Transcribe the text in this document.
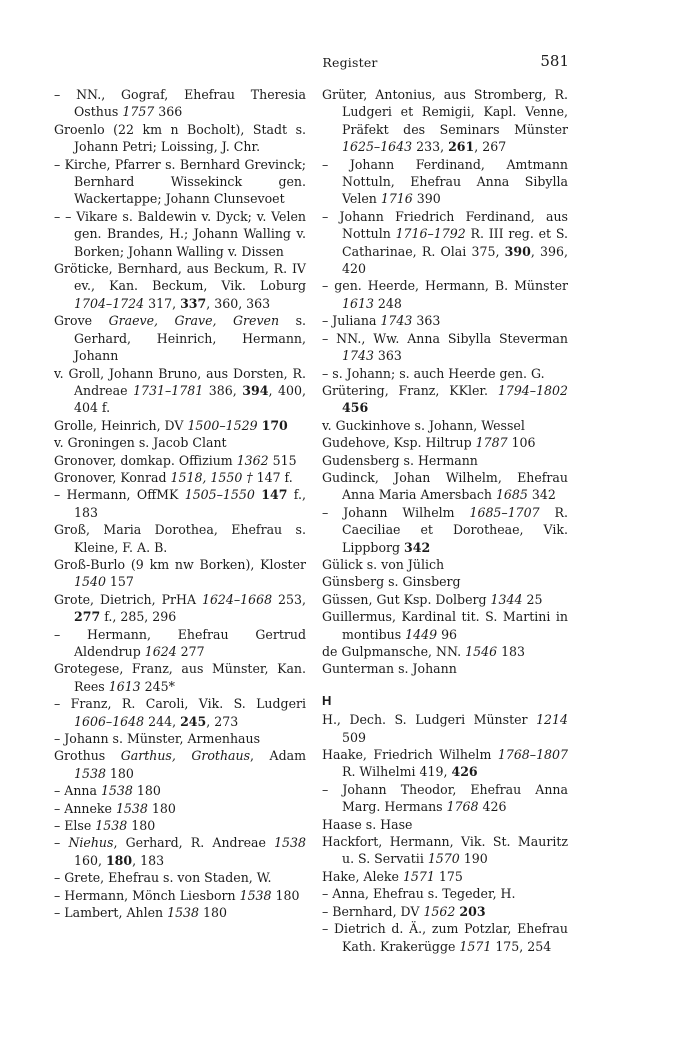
Register	581
– NN., Gograf, Ehefrau Theresia Osthus 1757 366
Groenlo (22 km n Bocholt), Stadt s. Johann Petri; Loissing, J. Chr.
– Kirche, Pfarrer s. Bernhard Grevinck; Bernhard Wissekinck gen. Wackertappe; Johann Clunsevoet
– – Vikare s. Baldewin v. Dyck; v. Velen gen. Brandes, H.; Johann Walling v. Borken; Johann Walling v. Dissen
Gröticke, Bernhard, aus Beckum, R. IV ev., Kan. Beckum, Vik. Loburg 1704–1724 317, 337, 360, 363
Grove Graeve, Grave, Greven s. Gerhard, Heinrich, Hermann, Johann
v. Groll, Johann Bruno, aus Dorsten, R. Andreae 1731–1781 386, 394, 400, 404 f.
Grolle, Heinrich, DV 1500–1529 170
v. Groningen s. Jacob Clant
Gronover, domkap. Offizium 1362 515
Gronover, Konrad 1518, 1550 † 147 f.
– Hermann, OffMK 1505–1550 147 f., 183
Groß, Maria Dorothea, Ehefrau s. Kleine, F. A. B.
Groß-Burlo (9 km nw Borken), Kloster 1540 157
Grote, Dietrich, PrHA 1624–1668 253, 277 f., 285, 296
– Hermann, Ehefrau Gertrud Aldendrup 1624 277
Grotegese, Franz, aus Münster, Kan. Rees 1613 245*
– Franz, R. Caroli, Vik. S. Ludgeri 1606–1648 244, 245, 273
– Johann s. Münster, Armenhaus
Grothus Garthus, Grothaus, Adam 1538 180
– Anna 1538 180
– Anneke 1538 180
– Else 1538 180
– Niehus, Gerhard, R. Andreae 1538 160, 180, 183
– Grete, Ehefrau s. von Staden, W.
– Hermann, Mönch Liesborn 1538 180
– Lambert, Ahlen 1538 180
Grüter, Antonius, aus Stromberg, R. Ludgeri et Remigii, Kapl. Venne, Präfekt des Seminars Münster 1625–1643 233, 261, 267
– Johann Ferdinand, Amtmann Nottuln, Ehefrau Anna Sibylla Velen 1716 390
– Johann Friedrich Ferdinand, aus Nottuln 1716–1792 R. III reg. et S. Catharinae, R. Olai 375, 390, 396, 420
– gen. Heerde, Hermann, B. Münster 1613 248
– Juliana 1743 363
– NN., Ww. Anna Sibylla Steverman 1743 363
– s. Johann; s. auch Heerde gen. G.
Grütering, Franz, KKler. 1794–1802 456
v. Guckinhove s. Johann, Wessel
Gudehove, Ksp. Hiltrup 1787 106
Gudensberg s. Hermann
Gudinck, Johan Wilhelm, Ehefrau Anna Maria Amersbach 1685 342
– Johann Wilhelm 1685–1707 R. Caeciliae et Dorotheae, Vik. Lippborg 342
Gülick s. von Jülich
Günsberg s. Ginsberg
Güssen, Gut Ksp. Dolberg 1344 25
Guillermus, Kardinal tit. S. Martini in montibus 1449 96
de Gulpmansche, NN. 1546 183
Gunterman s. Johann
H
H., Dech. S. Ludgeri Münster 1214 509
Haake, Friedrich Wilhelm 1768–1807 R. Wilhelmi 419, 426
– Johann Theodor, Ehefrau Anna Marg. Hermans 1768 426
Haase s. Hase
Hackfort, Hermann, Vik. St. Mauritz u. S. Servatii 1570 190
Hake, Aleke 1571 175
– Anna, Ehefrau s. Tegeder, H.
– Bernhard, DV 1562 203
– Dietrich d. Ä., zum Potzlar, Ehefrau Kath. Krakerügge 1571 175, 254
